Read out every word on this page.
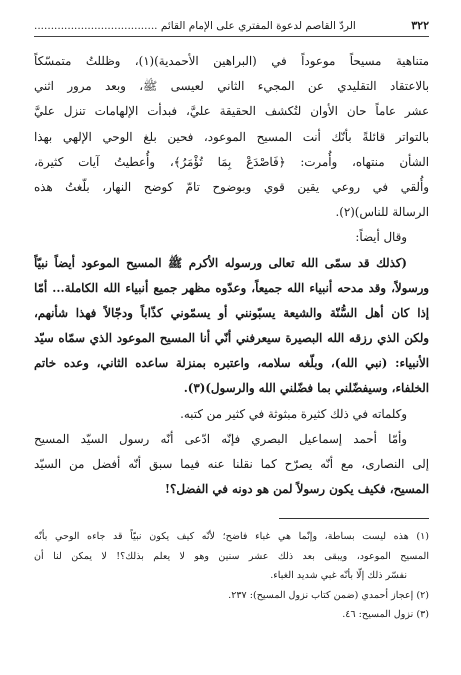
٣٢٢
الردّ القاصم لدعوة المفتري على الإمام القائم .....................................
متناهية مسيحاً موعوداً في (البراهين الأحمدية)(١)، وظللتُ متمسّكاً
بالاعتقاد التقليدي عن المجيء الثاني لعيسى ﷺ، وبعد مرور اثني
عشر عاماً حان الأوان لتُكشف الحقيقة عليَّ، فبدأت الإلهامات تنزل عليَّ
بالتواتر قائلةً بأنّك أنت المسيح الموعود، فحين بلغ الوحي الإلهي بهذا
الشأن منتهاه، وأُمرت: ﴿فَاصْدَعْ بِمَا تُؤْمَرُ﴾، وأُعطيتُ آيات كثيرة،
وأُلقي في روعي يقين قوي وبوضوح تامّ كوضح النهار، بلّغتُ هذه
الرسالة للناس)(٢).
وقال أيضاً:
(كذلك قد سمّى الله تعالى ورسوله الأكرم ﷺ المسيح الموعود أيضاً نبيّاً
ورسولاً، وقد مدحه أنبياء الله جميعاً، وعدّوه مظهر جميع أنبياء الله الكاملة... أمّا
إذا كان أهل السُّنّة والشيعة يسبّونني أو يسمّوني كذّاباً ودجّالاً فهذا شأنهم،
ولكن الذي رزقه الله البصيرة سيعرفني أنّي أنا المسيح الموعود الذي سمّاه سيّد
الأنبياء: (نبي الله)، وبلّغه سلامه، واعتبره بمنزلة ساعده الثاني، وعده خاتم
الخلفاء، وسيفضّلني بما فضّلني الله والرسول)(٣).
وكلماته في ذلك كثيرة مبثوثة في كثير من كتبه.
وأمّا أحمد إسماعيل البصري فإنّه ادّعى أنّه رسول السيّد المسيح
إلى النصارى، مع أنّه يصرّح كما نقلنا عنه فيما سبق أنّه أفضل من السيّد
المسيح، فكيف يكون رسولاً لمن هو دونه في الفضل؟!
(١) هذه ليست بساطة، وإنّما هي غباء فاضح؛ لأنّه كيف يكون نبيّاً قد جاءه الوحي بأنّه
المسيح الموعود، ويبقى بعد ذلك عشر سنين وهو لا يعلم بذلك؟! لا يمكن لنا أن
نفسّر ذلك إلّا بأنّه غبي شديد الغباء.
(٢) إعجاز أحمدي (ضمن كتاب نزول المسيح): ٢٣٧.
(٣) نزول المسيح: ٤٦.
